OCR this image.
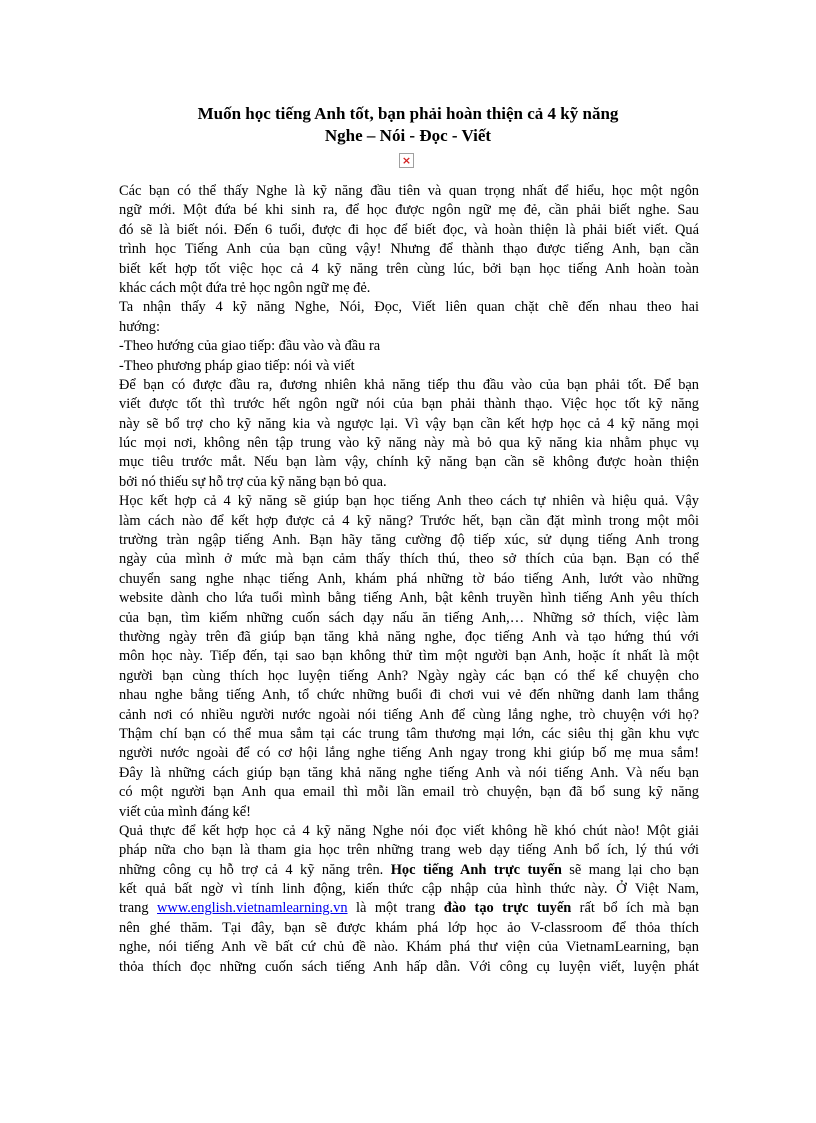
Muốn học tiếng Anh tốt, bạn phải hoàn thiện cả 4 kỹ năng
Nghe – Nói - Đọc - Viết
×
Các bạn có thể thấy Nghe là kỹ năng đầu tiên và quan trọng nhất để hiểu, học một ngôn
ngữ mới. Một đứa bé khi sinh ra, để học được ngôn ngữ mẹ đẻ, cần phải biết nghe. Sau
đó sẽ là biết nói. Đến 6 tuổi, được đi học để biết đọc, và hoàn thiện là phải biết viết. Quá
trình học Tiếng Anh của bạn cũng vậy! Nhưng để thành thạo được tiếng Anh, bạn cần
biết kết hợp tốt việc học cả 4 kỹ năng trên cùng lúc, bởi bạn học tiếng Anh hoàn toàn
khác cách một đứa trẻ học ngôn ngữ mẹ đẻ.
Ta nhận thấy 4 kỹ năng Nghe, Nói, Đọc, Viết liên quan chặt chẽ đến nhau theo hai
hướng:
-Theo hướng của giao tiếp: đầu vào và đầu ra
-Theo phương pháp giao tiếp: nói và viết
Để bạn có được đầu ra, đương nhiên khả năng tiếp thu đầu vào của bạn phải tốt. Để bạn
viết được tốt thì trước hết ngôn ngữ nói của bạn phải thành thạo. Việc học tốt kỹ năng
này sẽ bổ trợ cho kỹ năng kia và ngược lại. Vì vậy bạn cần kết hợp học cả 4 kỹ năng mọi
lúc mọi nơi, không nên tập trung vào kỹ năng này mà bỏ qua kỹ năng kia nhằm phục vụ
mục tiêu trước mắt. Nếu bạn làm vậy, chính kỹ năng bạn cần sẽ không được hoàn thiện
bởi nó thiếu sự hỗ trợ của kỹ năng bạn bỏ qua.
Học kết hợp cả 4 kỹ năng sẽ giúp bạn học tiếng Anh theo cách tự nhiên và hiệu quả. Vậy
làm cách nào để kết hợp được cả 4 kỹ năng? Trước hết, bạn cần đặt mình trong một môi
trường tràn ngập tiếng Anh. Bạn hãy tăng cường độ tiếp xúc, sử dụng tiếng Anh trong
ngày của mình ở mức mà bạn cảm thấy thích thú, theo sở thích của bạn. Bạn có thể
chuyển sang nghe nhạc tiếng Anh, khám phá những tờ báo tiếng Anh, lướt vào những
website dành cho lứa tuổi mình bằng tiếng Anh, bật kênh truyền hình tiếng Anh yêu thích
của bạn, tìm kiếm những cuốn sách dạy nấu ăn tiếng Anh,… Những sở thích, việc làm
thường ngày trên đã giúp bạn tăng khả năng nghe, đọc tiếng Anh và tạo hứng thú với
môn học này. Tiếp đến, tại sao bạn không thử tìm một người bạn Anh, hoặc ít nhất là một
người bạn cùng thích học luyện tiếng Anh? Ngày ngày các bạn có thể kể chuyện cho
nhau nghe bằng tiếng Anh, tổ chức những buổi đi chơi vui vẻ đến những danh lam thắng
cảnh nơi có nhiều người nước ngoài nói tiếng Anh để cùng lắng nghe, trò chuyện với họ?
Thậm chí bạn có thể mua sắm tại các trung tâm thương mại lớn, các siêu thị gần khu vực
người nước ngoài để có cơ hội lắng nghe tiếng Anh ngay trong khi giúp bố mẹ mua sắm!
Đây là những cách giúp bạn tăng khả năng nghe tiếng Anh và nói tiếng Anh. Và nếu bạn
có một người bạn Anh qua email thì mỗi lần email trò chuyện, bạn đã bổ sung kỹ năng
viết của mình đáng kể!
Quả thực để kết hợp học cả 4 kỹ năng Nghe nói đọc viết không hề khó chút nào! Một giải
pháp nữa cho bạn là tham gia học trên những trang web dạy tiếng Anh bổ ích, lý thú với
những công cụ hỗ trợ cả 4 kỹ năng trên. Học tiếng Anh trực tuyến sẽ mang lại cho bạn
kết quả bất ngờ vì tính linh động, kiến thức cập nhập của hình thức này. Ở Việt Nam,
trang www.english.vietnamlearning.vn là một trang đào tạo trực tuyến rất bổ ích mà bạn
nên ghé thăm. Tại đây, bạn sẽ được khám phá lớp học ảo V-classroom để thỏa thích
nghe, nói tiếng Anh về bất cứ chủ đề nào. Khám phá thư viện của VietnamLearning, bạn
thỏa thích đọc những cuốn sách tiếng Anh hấp dẫn. Với công cụ luyện viết, luyện phát
